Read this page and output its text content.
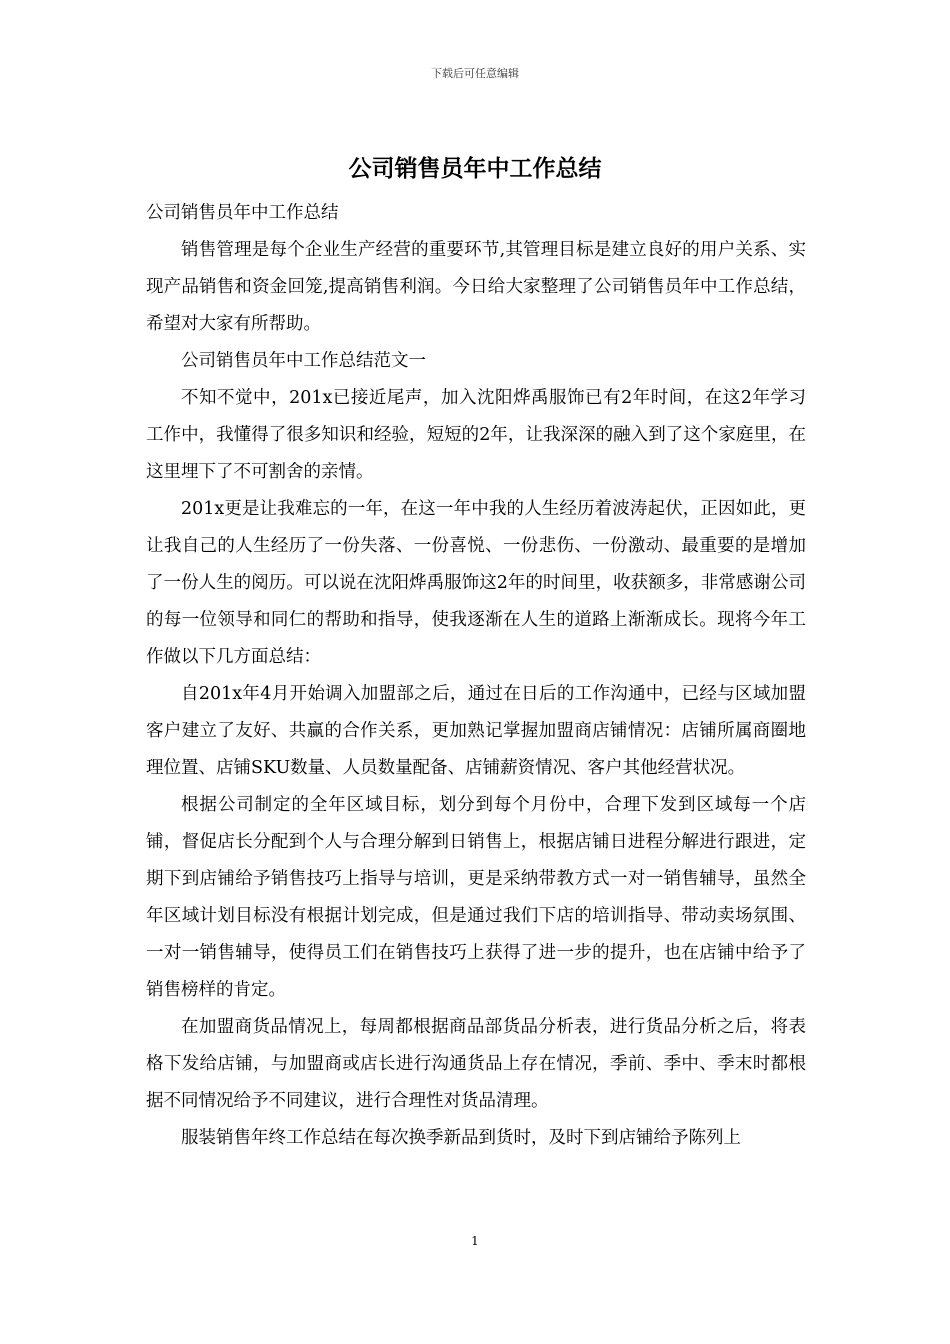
下载后可任意编辑
公司销售员年中工作总结

公司销售员年中工作总结

销售管理是每个企业生产经营的重要环节,其管理目标是建立良好的用户关系、实现产品销售和资金回笼,提高销售利润。今日给大家整理了公司销售员年中工作总结，希望对大家有所帮助。

公司销售员年中工作总结范文一

不知不觉中，201x已接近尾声，加入沈阳烨禹服饰已有2年时间，在这2年学习工作中，我懂得了很多知识和经验，短短的2年，让我深深的融入到了这个家庭里，在这里埋下了不可割舍的亲情。

201x更是让我难忘的一年，在这一年中我的人生经历着波涛起伏，正因如此，更让我自己的人生经历了一份失落、一份喜悦、一份悲伤、一份激动、最重要的是增加了一份人生的阅历。可以说在沈阳烨禹服饰这2年的时间里，收获额多，非常感谢公司的每一位领导和同仁的帮助和指导，使我逐渐在人生的道路上渐渐成长。现将今年工作做以下几方面总结：

自201x年4月开始调入加盟部之后，通过在日后的工作沟通中，已经与区域加盟客户建立了友好、共赢的合作关系，更加熟记掌握加盟商店铺情况：店铺所属商圈地理位置、店铺SKU数量、人员数量配备、店铺薪资情况、客户其他经营状况。

根据公司制定的全年区域目标，划分到每个月份中，合理下发到区域每一个店铺，督促店长分配到个人与合理分解到日销售上，根据店铺日进程分解进行跟进，定期下到店铺给予销售技巧上指导与培训，更是采纳带教方式一对一销售辅导，虽然全年区域计划目标没有根据计划完成，但是通过我们下店的培训指导、带动卖场氛围、一对一销售辅导，使得员工们在销售技巧上获得了进一步的提升，也在店铺中给予了销售榜样的肯定。

在加盟商货品情况上，每周都根据商品部货品分析表，进行货品分析之后，将表格下发给店铺，与加盟商或店长进行沟通货品上存在情况，季前、季中、季末时都根据不同情况给予不同建议，进行合理性对货品清理。

服装销售年终工作总结在每次换季新品到货时，及时下到店铺给予陈列上

1
